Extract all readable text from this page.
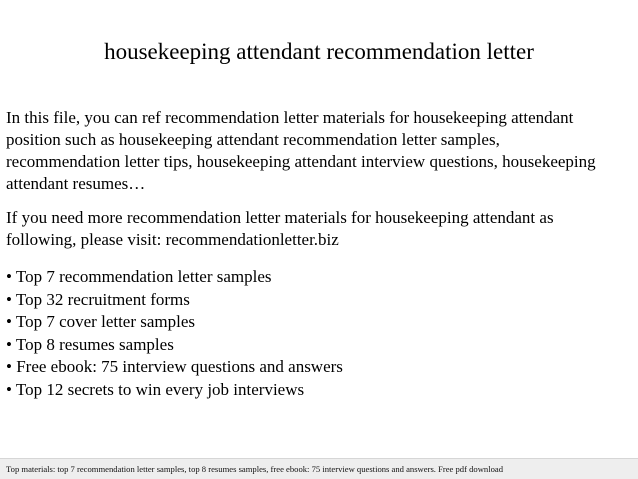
housekeeping attendant recommendation letter
In this file, you can ref recommendation letter materials for housekeeping attendant
position such as housekeeping attendant recommendation letter samples,
recommendation letter tips, housekeeping attendant interview questions, housekeeping
attendant resumes…
If you need more recommendation letter materials for housekeeping attendant as
following, please visit: recommendationletter.biz
• Top 7 recommendation letter samples
• Top 32 recruitment forms
• Top 7 cover letter samples
• Top 8 resumes samples
• Free ebook: 75 interview questions and answers
• Top 12 secrets to win every job interviews
Top materials: top 7 recommendation letter samples, top 8 resumes samples, free ebook: 75 interview questions and answers. Free pdf download
